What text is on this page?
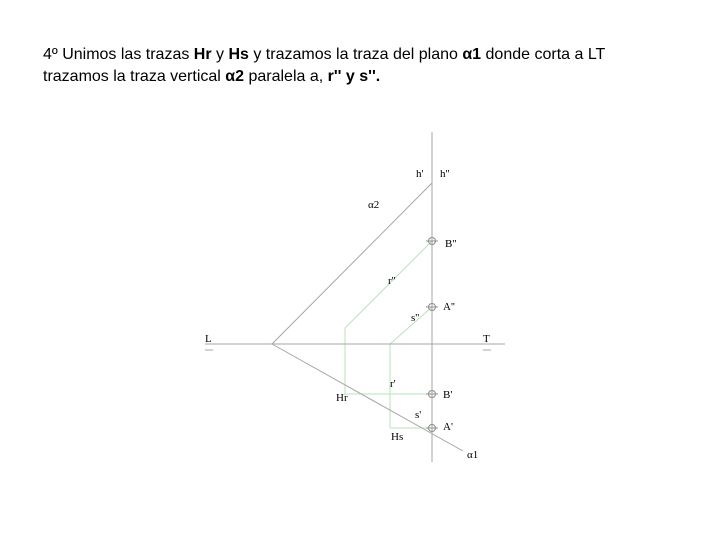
4º Unimos las trazas Hr y Hs y trazamos la traza del plano α1 donde corta a LT
trazamos la traza vertical α2 paralela a, r'' y s''.
L	T
h' h''
α2
B''
r''
A''
s''
r'
B'
Hr
s'
A'
Hs
α1
